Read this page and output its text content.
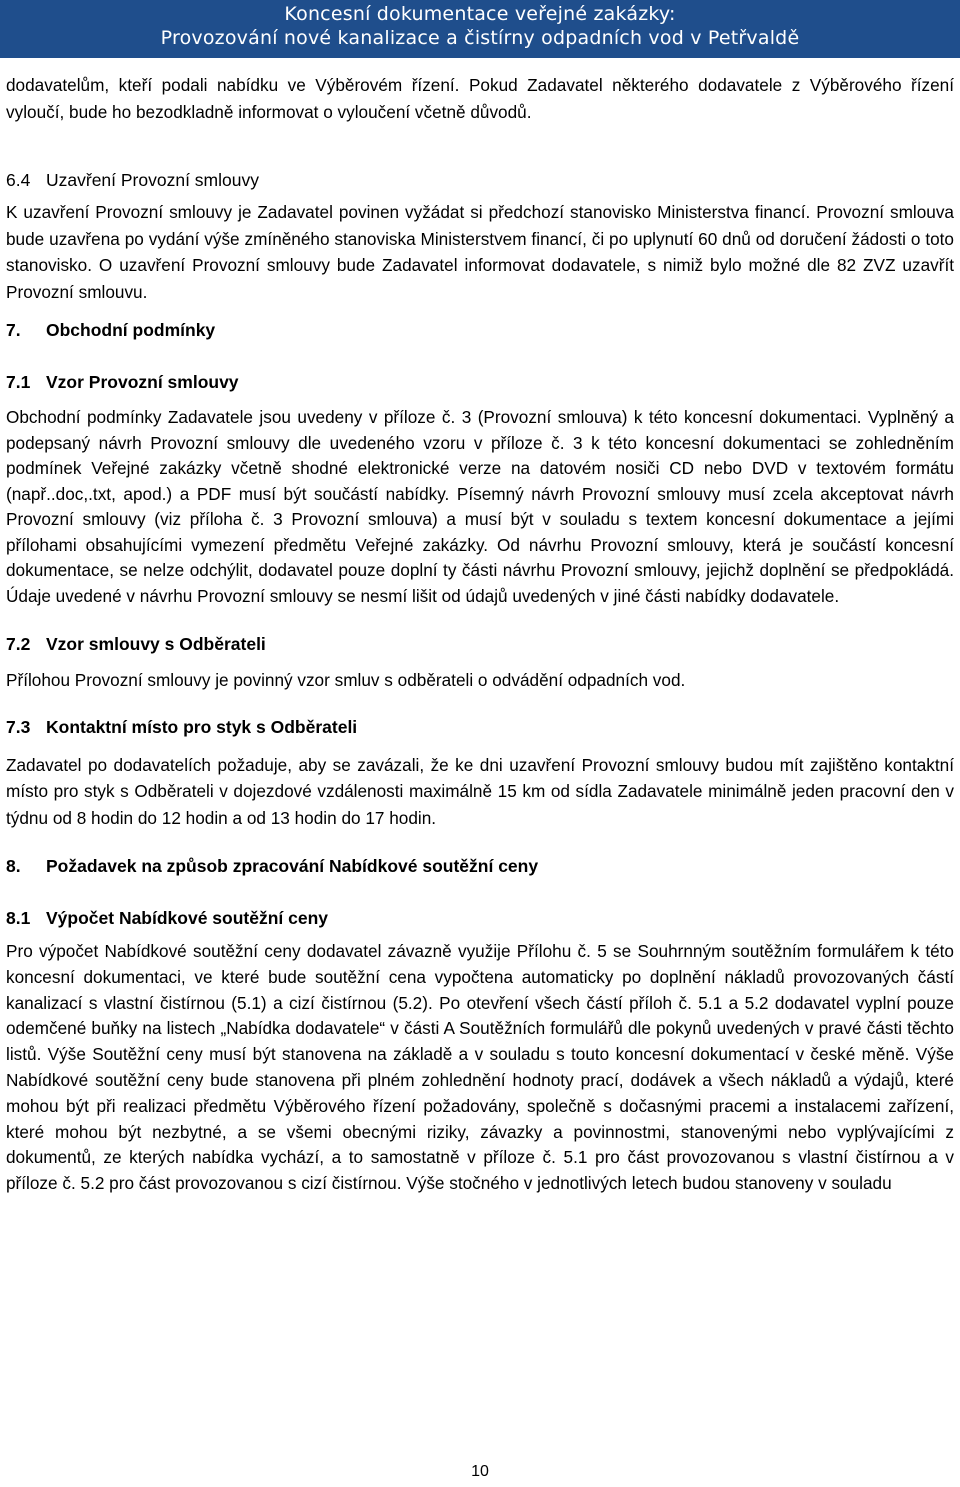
Koncesní dokumentace veřejné zakázky:
Provozování nové kanalizace a čistírny odpadních vod v Petřvaldě

dodavatelům, kteří podali nabídku ve Výběrovém řízení. Pokud Zadavatel některého dodavatele z Výběrového řízení vyloučí, bude ho bezodkladně informovat o vyloučení včetně důvodů.

6.4 Uzavření Provozní smlouvy

K uzavření Provozní smlouvy je Zadavatel povinen vyžádat si předchozí stanovisko Ministerstva financí. Provozní smlouva bude uzavřena po vydání výše zmíněného stanoviska Ministerstvem financí, či po uplynutí 60 dnů od doručení žádosti o toto stanovisko. O uzavření Provozní smlouvy bude Zadavatel informovat dodavatele, s nimiž bylo možné dle 82 ZVZ uzavřít Provozní smlouvu.

7. Obchodní podmínky

7.1 Vzor Provozní smlouvy

Obchodní podmínky Zadavatele jsou uvedeny v příloze č. 3 (Provozní smlouva) k této koncesní dokumentaci. Vyplněný a podepsaný návrh Provozní smlouvy dle uvedeného vzoru v příloze č. 3 k této koncesní dokumentaci se zohledněním podmínek Veřejné zakázky včetně shodné elektronické verze na datovém nosiči CD nebo DVD v textovém formátu (např..doc,.txt, apod.) a PDF musí být součástí nabídky. Písemný návrh Provozní smlouvy musí zcela akceptovat návrh Provozní smlouvy (viz příloha č. 3 Provozní smlouva) a musí být v souladu s textem koncesní dokumentace a jejími přílohami obsahujícími vymezení předmětu Veřejné zakázky. Od návrhu Provozní smlouvy, která je součástí koncesní dokumentace, se nelze odchýlit, dodavatel pouze doplní ty části návrhu Provozní smlouvy, jejichž doplnění se předpokládá. Údaje uvedené v návrhu Provozní smlouvy se nesmí lišit od údajů uvedených v jiné části nabídky dodavatele.

7.2 Vzor smlouvy s Odběrateli

Přílohou Provozní smlouvy je povinný vzor smluv s odběrateli o odvádění odpadních vod.

7.3 Kontaktní místo pro styk s Odběrateli

Zadavatel po dodavatelích požaduje, aby se zavázali, že ke dni uzavření Provozní smlouvy budou mít zajištěno kontaktní místo pro styk s Odběrateli v dojezdové vzdálenosti maximálně 15 km od sídla Zadavatele minimálně jeden pracovní den v týdnu od 8 hodin do 12 hodin a od 13 hodin do 17 hodin.

8. Požadavek na způsob zpracování Nabídkové soutěžní ceny

8.1 Výpočet Nabídkové soutěžní ceny

Pro výpočet Nabídkové soutěžní ceny dodavatel závazně využije Přílohu č. 5 se Souhrnným soutěžním formulářem k této koncesní dokumentaci, ve které bude soutěžní cena vypočtena automaticky po doplnění nákladů provozovaných částí kanalizací s vlastní čistírnou (5.1) a cizí čistírnou (5.2). Po otevření všech částí příloh č. 5.1 a 5.2 dodavatel vyplní pouze odemčené buňky na listech „Nabídka dodavatele“ v části A Soutěžních formulářů dle pokynů uvedených v pravé části těchto listů. Výše Soutěžní ceny musí být stanovena na základě a v souladu s touto koncesní dokumentací v české měně. Výše Nabídkové soutěžní ceny bude stanovena při plném zohlednění hodnoty prací, dodávek a všech nákladů a výdajů, které mohou být při realizaci předmětu Výběrového řízení požadovány, společně s dočasnými pracemi a instalacemi zařízení, které mohou být nezbytné, a se všemi obecnými riziky, závazky a povinnostmi, stanovenými nebo vyplývajícími z dokumentů, ze kterých nabídka vychází, a to samostatně v příloze č. 5.1 pro část provozovanou s vlastní čistírnou a v příloze č. 5.2 pro část provozovanou s cizí čistírnou. Výše stočného v jednotlivých letech budou stanoveny v souladu

10
